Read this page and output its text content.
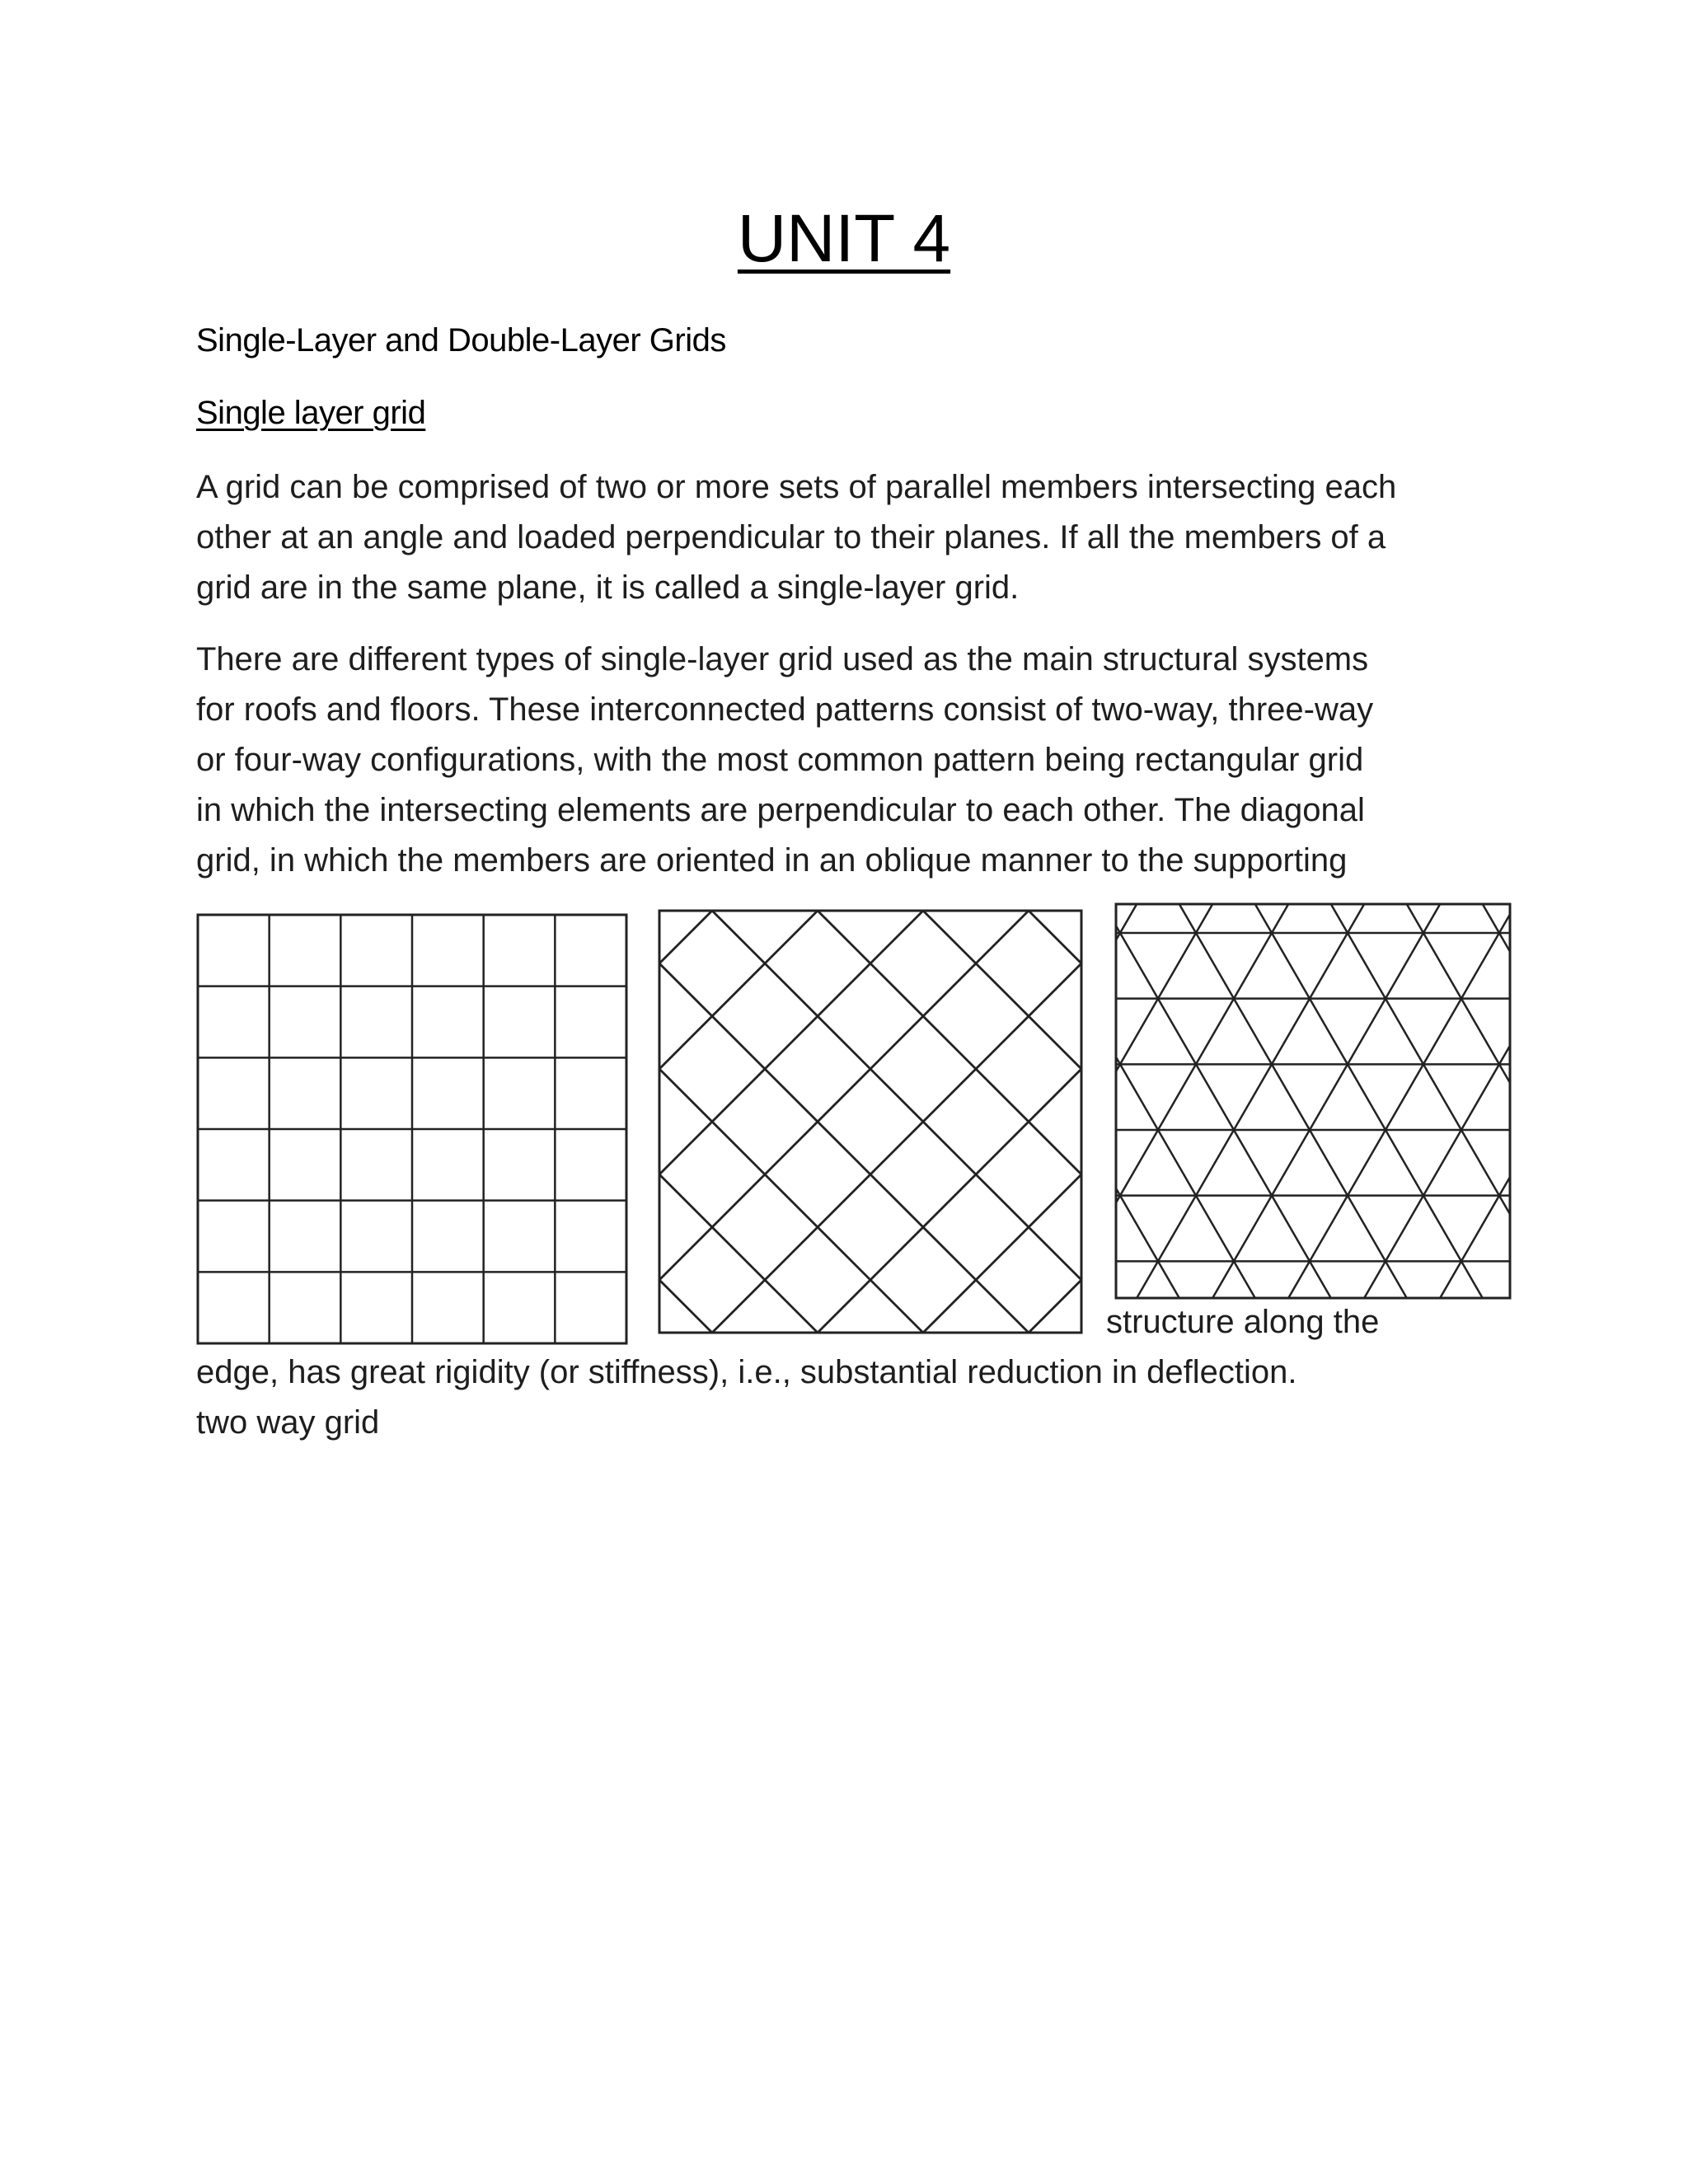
UNIT 4
Single-Layer and Double-Layer Grids
Single layer grid

A grid can be comprised of two or more sets of parallel members intersecting each
other at an angle and loaded perpendicular to their planes. If all the members of a
grid are in the same plane, it is called a single-layer grid.

There are different types of single-layer grid used as the main structural systems
for roofs and floors. These interconnected patterns consist of two-way, three-way
or four-way configurations, with the most common pattern being rectangular grid
in which the intersecting elements are perpendicular to each other. The diagonal
grid, in which the members are oriented in an oblique manner to the supporting

structure along the

edge, has great rigidity (or stiffness), i.e., substantial reduction in deflection.

two way grid
